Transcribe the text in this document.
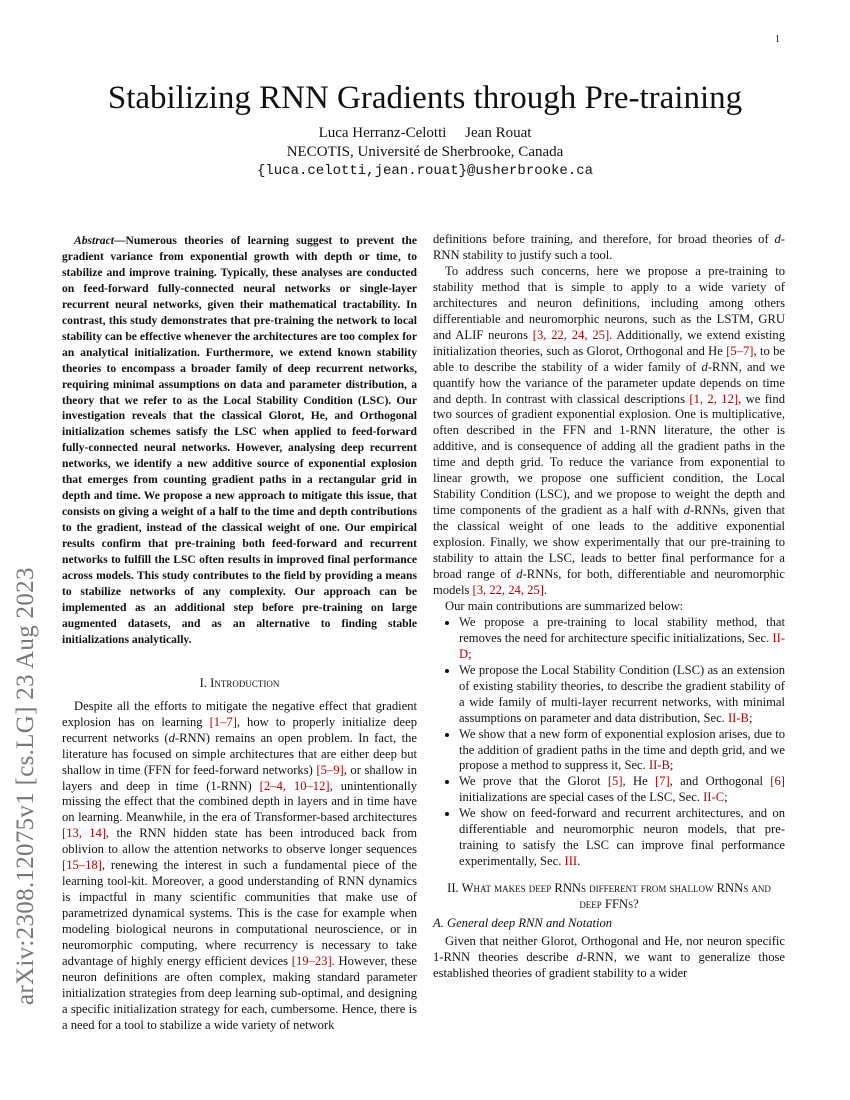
1
arXiv:2308.12075v1 [cs.LG] 23 Aug 2023
Stabilizing RNN Gradients through Pre-training
Luca Herranz-Celotti     Jean Rouat
NECOTIS, Université de Sherbrooke, Canada
{luca.celotti,jean.rouat}@usherbrooke.ca

Abstract—Numerous theories of learning suggest to prevent the gradient variance from exponential growth with depth or time, to stabilize and improve training. Typically, these analyses are conducted on feed-forward fully-connected neural networks or single-layer recurrent neural networks, given their mathematical tractability. In contrast, this study demonstrates that pre-training the network to local stability can be effective whenever the architectures are too complex for an analytical initialization. Furthermore, we extend known stability theories to encompass a broader family of deep recurrent networks, requiring minimal assumptions on data and parameter distribution, a theory that we refer to as the Local Stability Condition (LSC). Our investigation reveals that the classical Glorot, He, and Orthogonal initialization schemes satisfy the LSC when applied to feed-forward fully-connected neural networks. However, analysing deep recurrent networks, we identify a new additive source of exponential explosion that emerges from counting gradient paths in a rectangular grid in depth and time. We propose a new approach to mitigate this issue, that consists on giving a weight of a half to the time and depth contributions to the gradient, instead of the classical weight of one. Our empirical results confirm that pre-training both feed-forward and recurrent networks to fulfill the LSC often results in improved final performance across models. This study contributes to the field by providing a means to stabilize networks of any complexity. Our approach can be implemented as an additional step before pre-training on large augmented datasets, and as an alternative to finding stable initializations analytically.

I. Introduction

Despite all the efforts to mitigate the negative effect that gradient explosion has on learning [1–7], how to properly initialize deep recurrent networks (d-RNN) remains an open problem. In fact, the literature has focused on simple architectures that are either deep but shallow in time (FFN for feed-forward networks) [5–9], or shallow in layers and deep in time (1-RNN) [2–4, 10–12], unintentionally missing the effect that the combined depth in layers and in time have on learning. Meanwhile, in the era of Transformer-based architectures [13, 14], the RNN hidden state has been introduced back from oblivion to allow the attention networks to observe longer sequences [15–18], renewing the interest in such a fundamental piece of the learning tool-kit. Moreover, a good understanding of RNN dynamics is impactful in many scientific communities that make use of parametrized dynamical systems. This is the case for example when modeling biological neurons in computational neuroscience, or in neuromorphic computing, where recurrency is necessary to take advantage of highly energy efficient devices [19–23]. However, these neuron definitions are often complex, making standard parameter initialization strategies from deep learning sub-optimal, and designing a specific initialization strategy for each, cumbersome. Hence, there is a need for a tool to stabilize a wide variety of network

definitions before training, and therefore, for broad theories of d-RNN stability to justify such a tool.

To address such concerns, here we propose a pre-training to stability method that is simple to apply to a wide variety of architectures and neuron definitions, including among others differentiable and neuromorphic neurons, such as the LSTM, GRU and ALIF neurons [3, 22, 24, 25]. Additionally, we extend existing initialization theories, such as Glorot, Orthogonal and He [5–7], to be able to describe the stability of a wider family of d-RNN, and we quantify how the variance of the parameter update depends on time and depth. In contrast with classical descriptions [1, 2, 12], we find two sources of gradient exponential explosion. One is multiplicative, often described in the FFN and 1-RNN literature, the other is additive, and is consequence of adding all the gradient paths in the time and depth grid. To reduce the variance from exponential to linear growth, we propose one sufficient condition, the Local Stability Condition (LSC), and we propose to weight the depth and time components of the gradient as a half with d-RNNs, given that the classical weight of one leads to the additive exponential explosion. Finally, we show experimentally that our pre-training to stability to attain the LSC, leads to better final performance for a broad range of d-RNNs, for both, differentiable and neuromorphic models [3, 22, 24, 25].

Our main contributions are summarized below:

• We propose a pre-training to local stability method, that removes the need for architecture specific initializations, Sec. II-D;
• We propose the Local Stability Condition (LSC) as an extension of existing stability theories, to describe the gradient stability of a wide family of multi-layer recurrent networks, with minimal assumptions on parameter and data distribution, Sec. II-B;
• We show that a new form of exponential explosion arises, due to the addition of gradient paths in the time and depth grid, and we propose a method to suppress it, Sec. II-B;
• We prove that the Glorot [5], He [7], and Orthogonal [6] initializations are special cases of the LSC, Sec. II-C;
• We show on feed-forward and recurrent architectures, and on differentiable and neuromorphic neuron models, that pre-training to satisfy the LSC can improve final performance experimentally, Sec. III.
II. What makes deep RNNs different from shallow RNNs and deep FFNs?

A. General deep RNN and Notation

Given that neither Glorot, Orthogonal and He, nor neuron specific 1-RNN theories describe d-RNN, we want to generalize those established theories of gradient stability to a wider
